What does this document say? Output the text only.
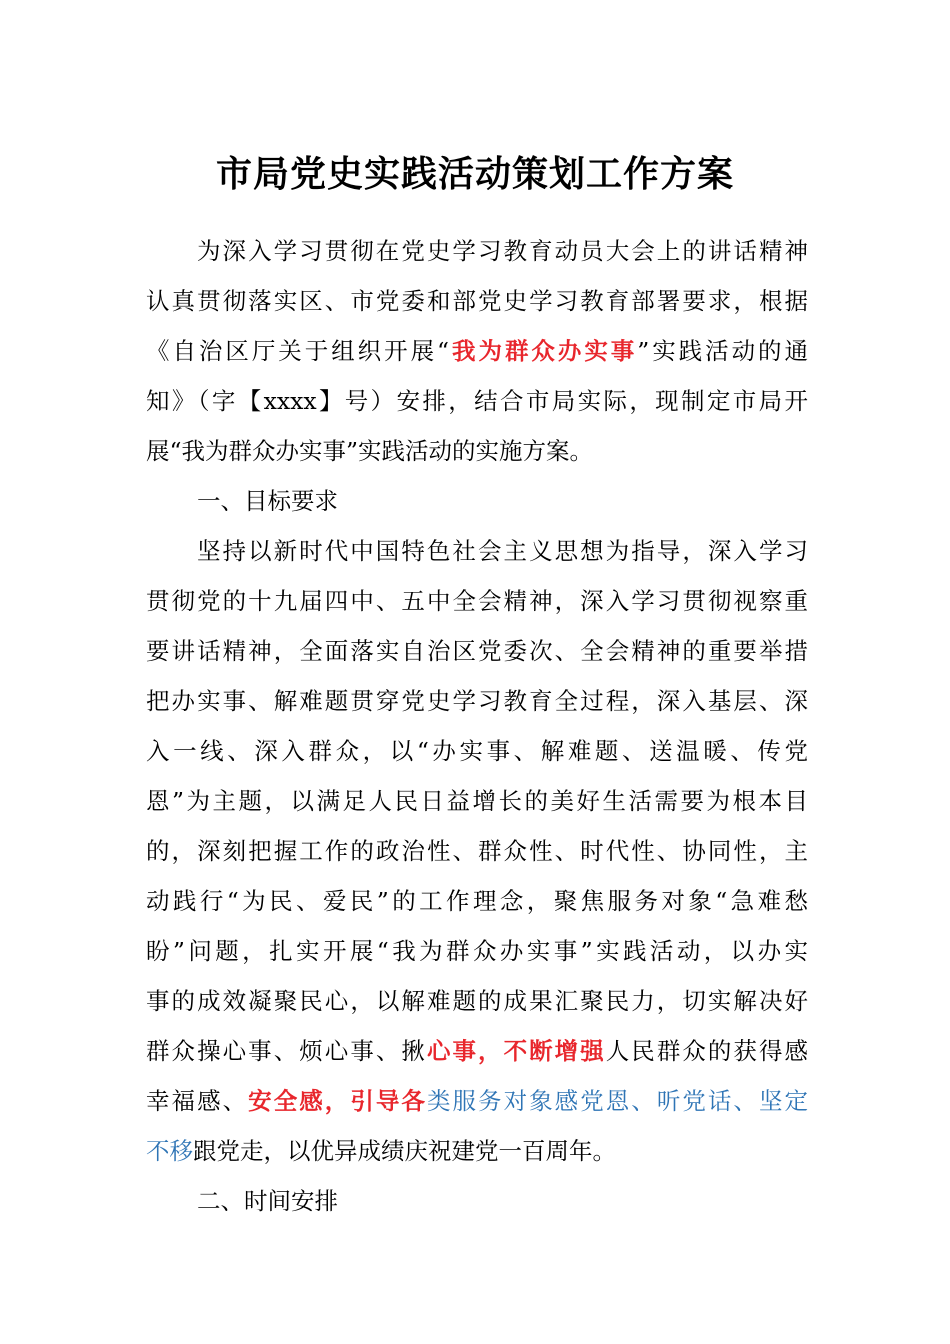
市局党史实践活动策划工作方案
为深入学习贯彻在党史学习教育动员大会上的讲话精神
认真贯彻落实区、市党委和部党史学习教育部署要求，根据
《自治区厅关于组织开展“我为群众办实事”实践活动的通
知》（字【xxxx】号）安排，结合市局实际，现制定市局开
展“我为群众办实事”实践活动的实施方案。
一、目标要求
坚持以新时代中国特色社会主义思想为指导，深入学习
贯彻党的十九届四中、五中全会精神，深入学习贯彻视察重
要讲话精神，全面落实自治区党委次、全会精神的重要举措
把办实事、解难题贯穿党史学习教育全过程，深入基层、深
入一线、深入群众，以“办实事、解难题、送温暖、传党
恩”为主题，以满足人民日益增长的美好生活需要为根本目
的，深刻把握工作的政治性、群众性、时代性、协同性，主
动践行“为民、爱民”的工作理念，聚焦服务对象“急难愁
盼”问题，扎实开展“我为群众办实事”实践活动，以办实
事的成效凝聚民心，以解难题的成果汇聚民力，切实解决好
群众操心事、烦心事、揪心事，不断增强人民群众的获得感
幸福感、安全感，引导各类服务对象感党恩、听党话、坚定
不移跟党走，以优异成绩庆祝建党一百周年。
二、时间安排
